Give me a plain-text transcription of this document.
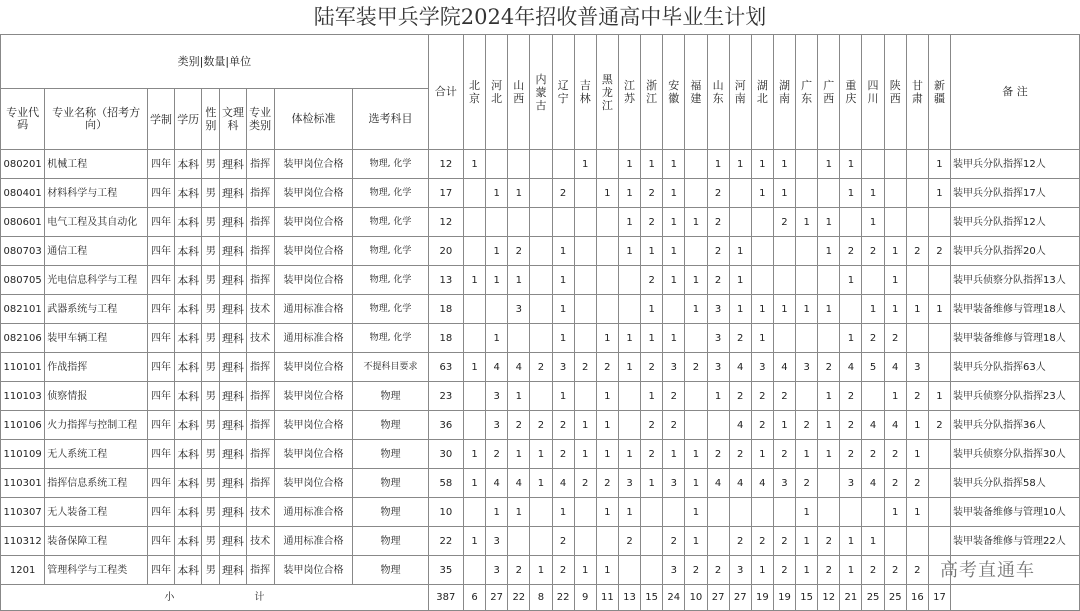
陆军装甲兵学院2024年招收普通高中毕业生计划
类别|数量|单位									合计	北京	河北	山西	内蒙古	辽宁	吉林	黑龙江	江苏	浙江	安徽	福建	山东	河南	湖北	湖南	广东	广西	重庆	四川	陕西	甘肃	新疆	备 注
专业代码	专业名称（招考方向）	学制	学历	性别	文理科	专业类别	体检标准	选考科目																								
080201	机械工程	四年	本科	男	理科	指挥	装甲岗位合格	物理, 化学	12	1					1		1	1	1		1	1	1	1		1	1				1	装甲兵分队指挥12人
080401	材料科学与工程	四年	本科	男	理科	指挥	装甲岗位合格	物理, 化学	17		1	1		2		1	1	2	1		2		1	1			1	1			1	装甲兵分队指挥17人
080601	电气工程及其自动化	四年	本科	男	理科	指挥	装甲岗位合格	物理, 化学	12								1	2	1	1	2			2	1	1		1				装甲兵分队指挥12人
080703	通信工程	四年	本科	男	理科	指挥	装甲岗位合格	物理, 化学	20		1	2		1			1	1	1		2	1				1	2	2	1	2	2	装甲兵分队指挥20人
080705	光电信息科学与工程	四年	本科	男	理科	指挥	装甲岗位合格	物理, 化学	13	1	1	1		1				2	1	1	2	1					1		1			装甲兵侦察分队指挥13人
082101	武器系统与工程	四年	本科	男	理科	技术	通用标准合格	物理, 化学	18			3		1				1		1	3	1	1	1	1	1		1	1	1	1	装甲装备维修与管理18人
082106	装甲车辆工程	四年	本科	男	理科	技术	通用标准合格	物理, 化学	18		1			1		1	1	1	1		3	2	1				1	2	2			装甲装备维修与管理18人
110101	作战指挥	四年	本科	男	理科	指挥	装甲岗位合格	不提科目要求	63	1	4	4	2	3	2	2	1	2	3	2	3	4	3	4	3	2	4	5	4	3		装甲兵分队指挥63人
110103	侦察情报	四年	本科	男	理科	指挥	装甲岗位合格	物理	23		3	1		1		1		1	2		1	2	2	2		1	2		1	2	1	装甲兵侦察分队指挥23人
110106	火力指挥与控制工程	四年	本科	男	理科	指挥	装甲岗位合格	物理	36		3	2	2	2	1	1		2	2			4	2	1	2	1	2	4	4	1	2	装甲兵分队指挥36人
110109	无人系统工程	四年	本科	男	理科	指挥	装甲岗位合格	物理	30	1	2	1	1	2	1	1	1	2	1	1	2	2	1	2	1	1	2	2	2	1		装甲兵侦察分队指挥30人
110301	指挥信息系统工程	四年	本科	男	理科	指挥	装甲岗位合格	物理	58	1	4	4	1	4	2	2	3	1	3	1	4	4	4	3	2		3	4	2	2		装甲兵分队指挥58人
110307	无人装备工程	四年	本科	男	理科	技术	通用标准合格	物理	10		1	1		1		1	1			1					1				1	1		装甲装备维修与管理10人
110312	装备保障工程	四年	本科	男	理科	技术	通用标准合格	物理	22	1	3			2			2		2	1		2	2	2	1	2	1	1				装甲装备维修与管理22人
1201	管理科学与工程类	四年	本科	男	理科	指挥	装甲岗位合格	物理	35		3	2	1	2	1	1			3	2	2	3	1	2	1	2	1	2	2	2		
小 计									387	6	27	22	8	22	9	11	13	15	24	10	27	27	19	19	15	12	21	25	25	16	17	
高考直通车
